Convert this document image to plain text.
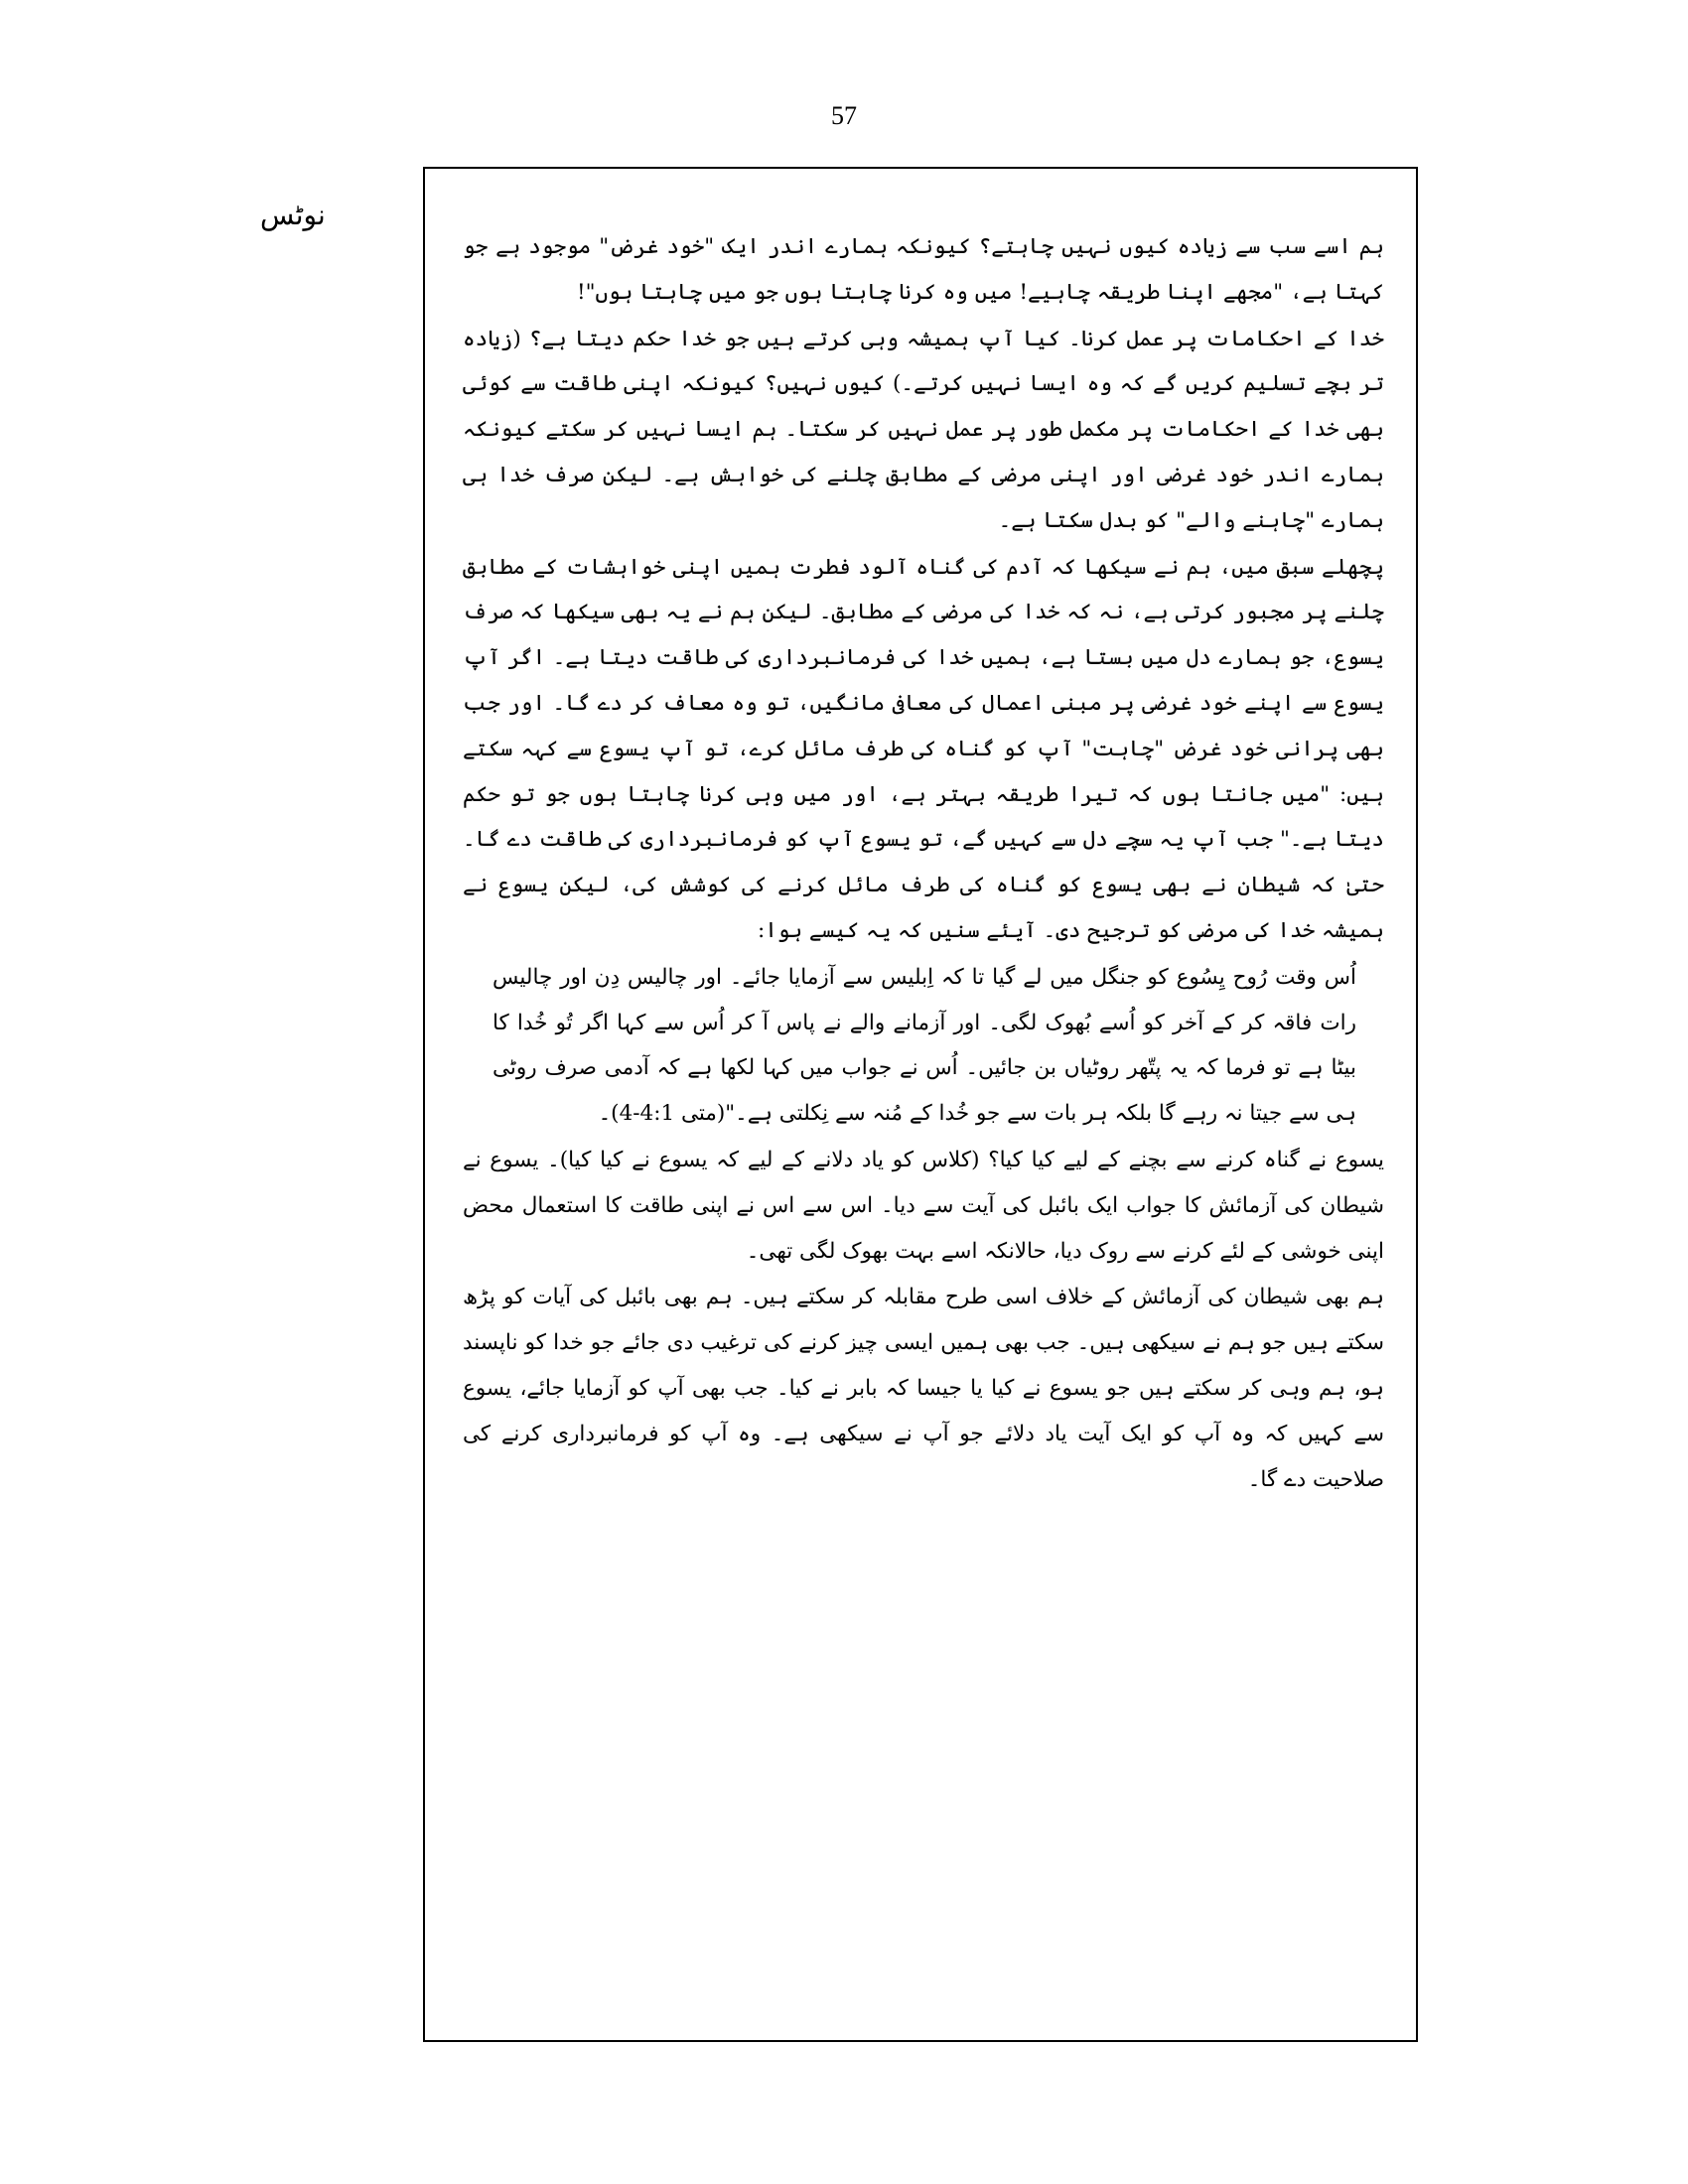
57
نوٹس

ہم اسے سب سے زیادہ کیوں نہیں چاہتے؟ کیونکہ ہمارے اندر ایک "خود غرض" موجود ہے جو کہتا ہے، "مجھے اپنا طریقہ چاہیے! میں وہ کرنا چاہتا ہوں جو میں چاہتا ہوں"!

خدا کے احکامات پر عمل کرنا۔ کیا آپ ہمیشہ وہی کرتے ہیں جو خدا حکم دیتا ہے؟ (زیادہ تر بچے تسلیم کریں گے کہ وہ ایسا نہیں کرتے۔) کیوں نہیں؟ کیونکہ اپنی طاقت سے کوئی بھی خدا کے احکامات پر مکمل طور پر عمل نہیں کر سکتا۔ ہم ایسا نہیں کر سکتے کیونکہ ہمارے اندر خود غرضی اور اپنی مرضی کے مطابق چلنے کی خواہش ہے۔ لیکن صرف خدا ہی ہمارے "چاہنے والے" کو بدل سکتا ہے۔

پچھلے سبق میں، ہم نے سیکھا کہ آدم کی گناہ آلود فطرت ہمیں اپنی خواہشات کے مطابق چلنے پر مجبور کرتی ہے، نہ کہ خدا کی مرضی کے مطابق۔ لیکن ہم نے یہ بھی سیکھا کہ صرف یسوع، جو ہمارے دل میں بستا ہے، ہمیں خدا کی فرمانبرداری کی طاقت دیتا ہے۔ اگر آپ یسوع سے اپنے خود غرضی پر مبنی اعمال کی معافی مانگیں، تو وہ معاف کر دے گا۔ اور جب بھی پرانی خود غرض "چاہت" آپ کو گناہ کی طرف مائل کرے، تو آپ یسوع سے کہہ سکتے ہیں: "میں جانتا ہوں کہ تیرا طریقہ بہتر ہے، اور میں وہی کرنا چاہتا ہوں جو تو حکم دیتا ہے۔" جب آپ یہ سچے دل سے کہیں گے، تو یسوع آپ کو فرمانبرداری کی طاقت دے گا۔ حتیٰ کہ شیطان نے بھی یسوع کو گناہ کی طرف مائل کرنے کی کوشش کی، لیکن یسوع نے ہمیشہ خدا کی مرضی کو ترجیح دی۔ آیئے سنیں کہ یہ کیسے ہوا:

اُس وقت رُوح یِسُوع کو جنگل میں لے گیا تا کہ اِبلیس سے آزمایا جائے۔ اور چالیس دِن اور چالیس رات فاقہ کر کے آخر کو اُسے بُھوک لگی۔ اور آزمانے والے نے پاس آ کر اُس سے کہا اگر تُو خُدا کا بیٹا ہے تو فرما کہ یہ پتّھر روٹیاں بن جائیں۔ اُس نے جواب میں کہا لکھا ہے کہ آدمی صرف روٹی ہی سے جیتا نہ رہے گا بلکہ ہر بات سے جو خُدا کے مُنہ سے نِکلتی ہے۔"(متی 4:1-4)۔

یسوع نے گناہ کرنے سے بچنے کے لیے کیا کیا؟ (کلاس کو یاد دلانے کے لیے کہ یسوع نے کیا کیا)۔ یسوع نے شیطان کی آزمائش کا جواب ایک بائبل کی آیت سے دیا۔ اس سے اس نے اپنی طاقت کا استعمال محض اپنی خوشی کے لئے کرنے سے روک دیا، حالانکہ اسے بہت بھوک لگی تھی۔

ہم بھی شیطان کی آزمائش کے خلاف اسی طرح مقابلہ کر سکتے ہیں۔ ہم بھی بائبل کی آیات کو پڑھ سکتے ہیں جو ہم نے سیکھی ہیں۔ جب بھی ہمیں ایسی چیز کرنے کی ترغیب دی جائے جو خدا کو ناپسند ہو، ہم وہی کر سکتے ہیں جو یسوع نے کیا یا جیسا کہ بابر نے کیا۔ جب بھی آپ کو آزمایا جائے، یسوع سے کہیں کہ وہ آپ کو ایک آیت یاد دلائے جو آپ نے سیکھی ہے۔ وہ آپ کو فرمانبرداری کرنے کی صلاحیت دے گا۔
